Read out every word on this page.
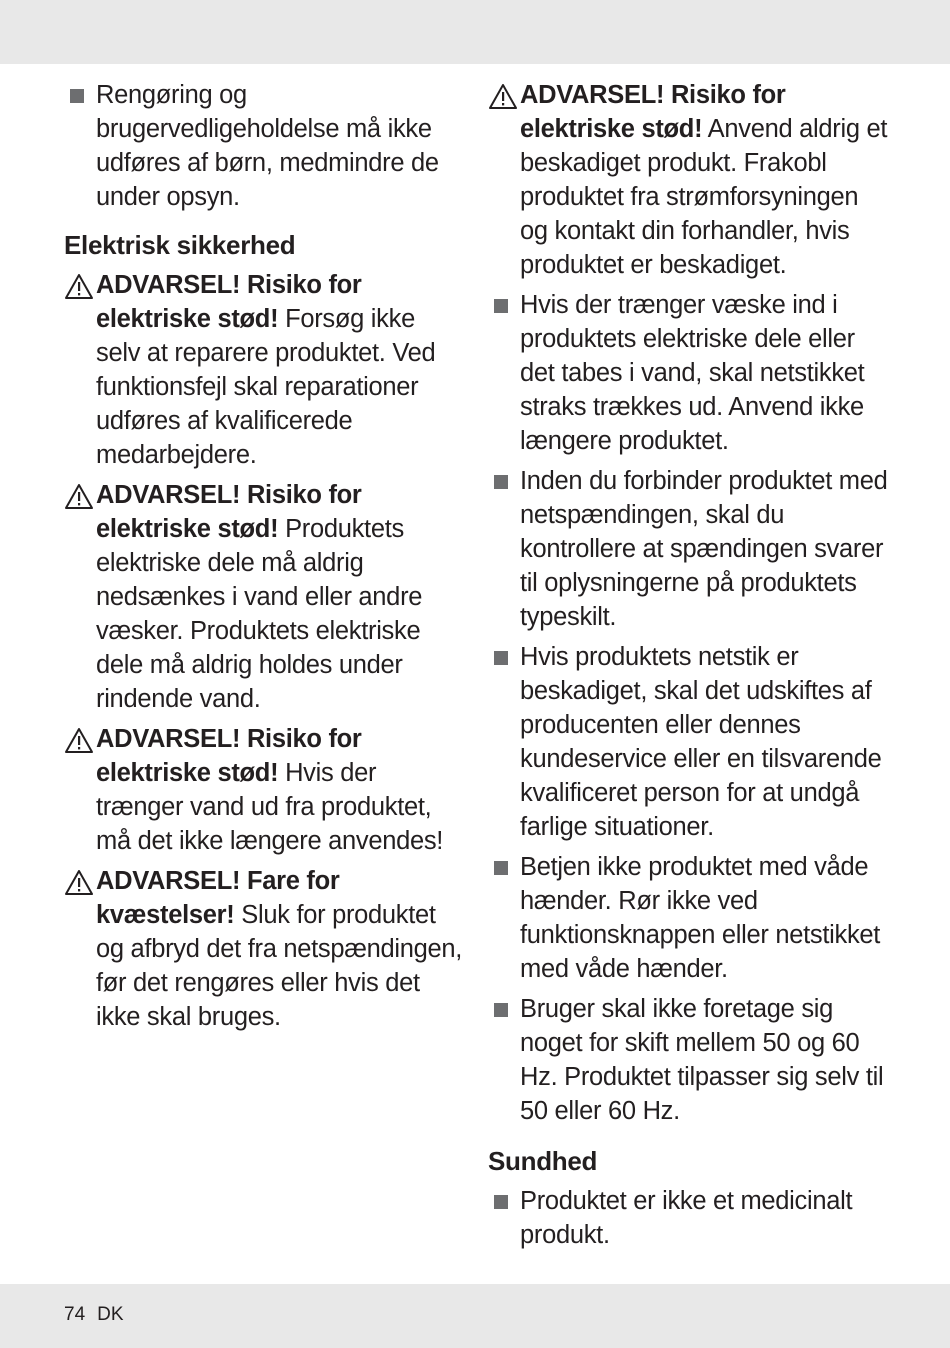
Rengøring og brugervedligeholdelse må ikke udføres af børn, medmindre de under opsyn.
Elektrisk sikkerhed
ADVARSEL! Risiko for elektriske stød! Forsøg ikke selv at reparere produktet. Ved funktionsfejl skal reparationer udføres af kvalificerede medarbejdere.
ADVARSEL! Risiko for elektriske stød! Produktets elektriske dele må aldrig nedsænkes i vand eller andre væsker. Produktets elektriske dele må aldrig holdes under rindende vand.
ADVARSEL! Risiko for elektriske stød! Hvis der trænger vand ud fra produktet, må det ikke længere anvendes!
ADVARSEL! Fare for kvæstelser! Sluk for produktet og afbryd det fra netspændingen, før det rengøres eller hvis det ikke skal bruges.
ADVARSEL! Risiko for elektriske stød! Anvend aldrig et beskadiget produkt. Frakobl produktet fra strømforsyningen og kontakt din forhandler, hvis produktet er beskadiget.
Hvis der trænger væske ind i produktets elektriske dele eller det tabes i vand, skal netstikket straks trækkes ud. Anvend ikke længere produktet.
Inden du forbinder produktet med netspændingen, skal du kontrollere at spændingen svarer til oplysningerne på produktets typeskilt.
Hvis produktets netstik er beskadiget, skal det udskiftes af producenten eller dennes kundeservice eller en tilsvarende kvalificeret person for at undgå farlige situationer.
Betjen ikke produktet med våde hænder. Rør ikke ved funktionsknappen eller netstikket med våde hænder.
Bruger skal ikke foretage sig noget for skift mellem 50 og 60 Hz. Produktet tilpasser sig selv til 50 eller 60 Hz.
Sundhed
Produktet er ikke et medicinalt produkt.
74 DK
